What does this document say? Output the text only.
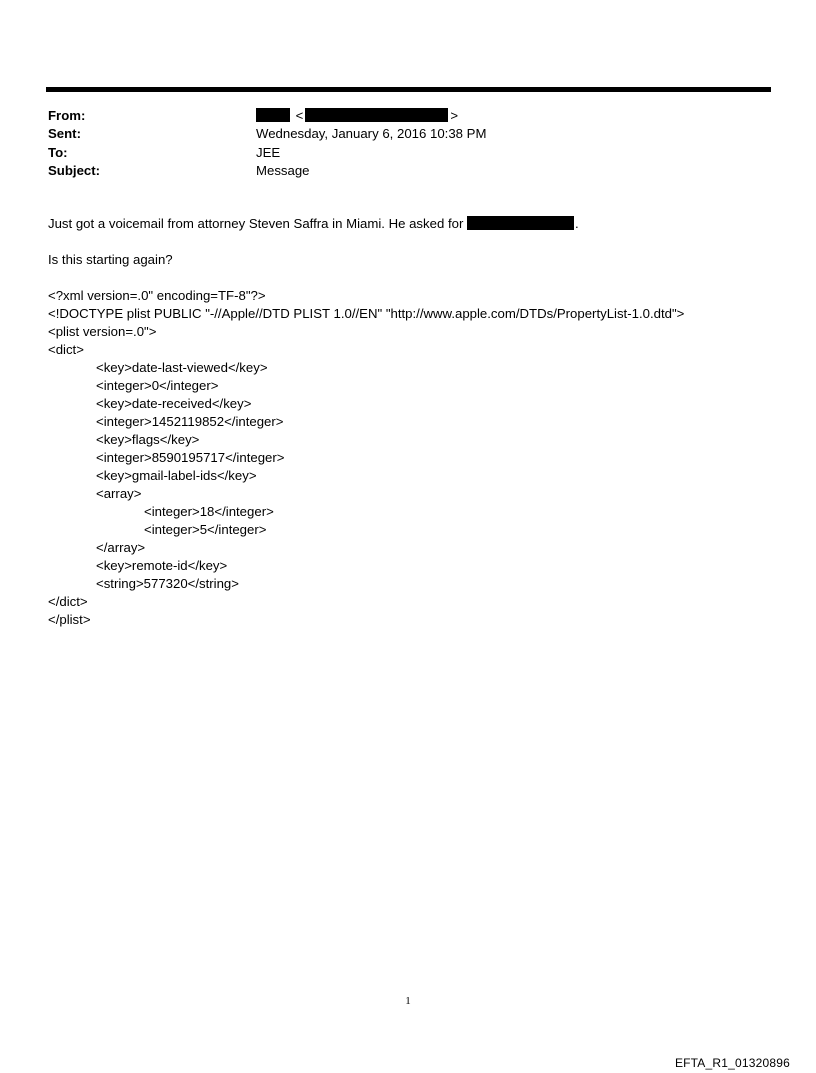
From:	<	>
Sent:	Wednesday, January 6, 2016 10:38 PM
To:	JEE
Subject:	Message

Just got a voicemail from attorney Steven Saffra in Miami. He asked for	.

Is this starting again?

<?xml version=.0" encoding=TF-8"?>

<!DOCTYPE plist PUBLIC "-//Apple//DTD PLIST 1.0//EN" "http://www.apple.com/DTDs/PropertyList-1.0.dtd">

<plist version=.0">

<dict>

<key>date-last-viewed</key>

<integer>0</integer>

<key>date-received</key>

<integer>1452119852</integer>

<key>flags</key>

<integer>8590195717</integer>

<key>gmail-label-ids</key>

<array>

<integer>18</integer>

<integer>5</integer>

</array>

<key>remote-id</key>

<string>577320</string>

</dict>

</plist>

1
EFTA_R1_01320896
